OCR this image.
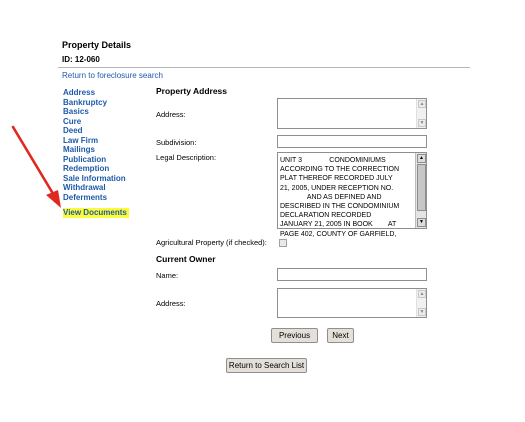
Property Details
ID: 12-060
Return to foreclosure search
Address
Bankruptcy
Basics
Cure
Deed
Law Firm
Mailings
Publication
Redemption
Sale Information
Withdrawal
Deferments
View Documents
Property Address
Address:
▲
▼
Subdivision:
Legal Description:	UNIT 3              CONDOMINIUMS
ACCORDING TO THE CORRECTION
PLAT THEREOF RECORDED JULY
21, 2005, UNDER RECEPTION NO.
AND AS DEFINED AND
DESCRIBED IN THE CONDOMINIUM
DECLARATION RECORDED
JANUARY 21, 2005 IN BOOK        AT
PAGE 402, COUNTY OF GARFIELD,
▲
▼
Agricultural Property (if checked):
Current Owner
Name:
Address:
▲
▼
Previous	Next
Return to Search List
